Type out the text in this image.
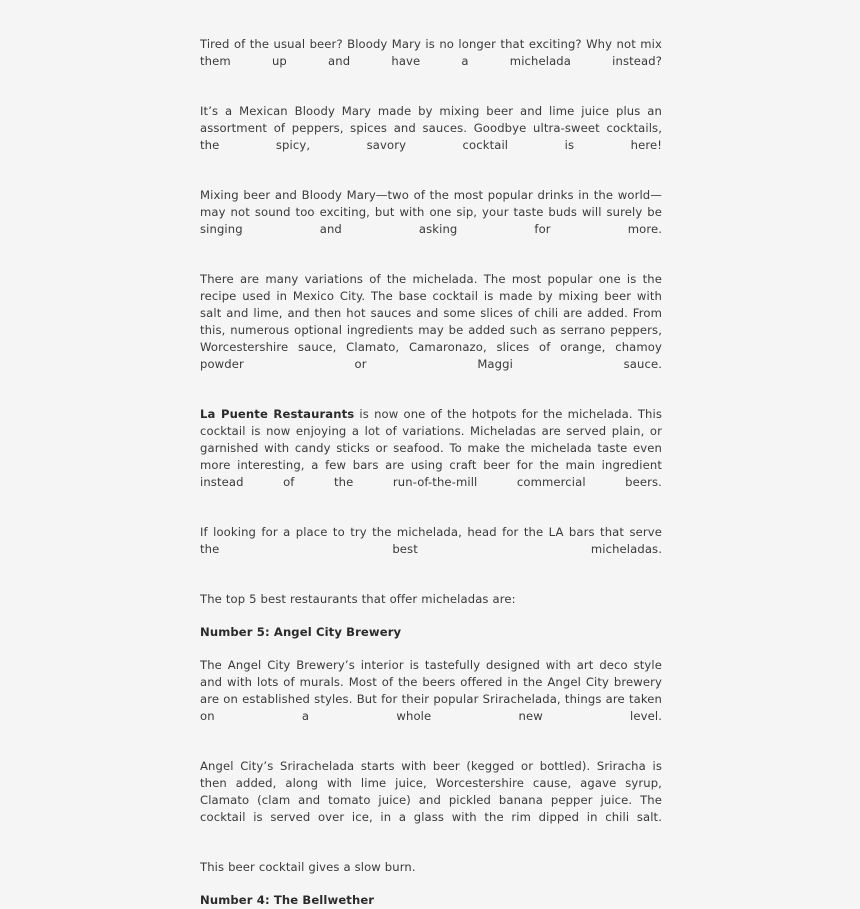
Tired of the usual beer? Bloody Mary is no longer that exciting? Why not mix them up and have a michelada instead?

It’s a Mexican Bloody Mary made by mixing beer and lime juice plus an assortment of peppers, spices and sauces. Goodbye ultra-sweet cocktails, the spicy, savory cocktail is here!

Mixing beer and Bloody Mary—two of the most popular drinks in the world—may not sound too exciting, but with one sip, your taste buds will surely be singing and asking for more.

There are many variations of the michelada. The most popular one is the recipe used in Mexico City. The base cocktail is made by mixing beer with salt and lime, and then hot sauces and some slices of chili are added. From this, numerous optional ingredients may be added such as serrano peppers, Worcestershire sauce, Clamato, Camaronazo, slices of orange, chamoy powder or Maggi sauce.

La Puente Restaurants is now one of the hotpots for the michelada. This cocktail is now enjoying a lot of variations. Micheladas are served plain, or garnished with candy sticks or seafood. To make the michelada taste even more interesting, a few bars are using craft beer for the main ingredient instead of the run-of-the-mill commercial beers.

If looking for a place to try the michelada, head for the LA bars that serve the best micheladas.

The top 5 best restaurants that offer micheladas are:

Number 5: Angel City Brewery

The Angel City Brewery’s interior is tastefully designed with art deco style and with lots of murals. Most of the beers offered in the Angel City brewery are on established styles. But for their popular Srirachelada, things are taken on a whole new level.

Angel City’s Srirachelada starts with beer (kegged or bottled). Sriracha is then added, along with lime juice, Worcestershire cause, agave syrup, Clamato (clam and tomato juice) and pickled banana pepper juice. The cocktail is served over ice, in a glass with the rim dipped in chili salt.

This beer cocktail gives a slow burn.

Number 4: The Bellwether
